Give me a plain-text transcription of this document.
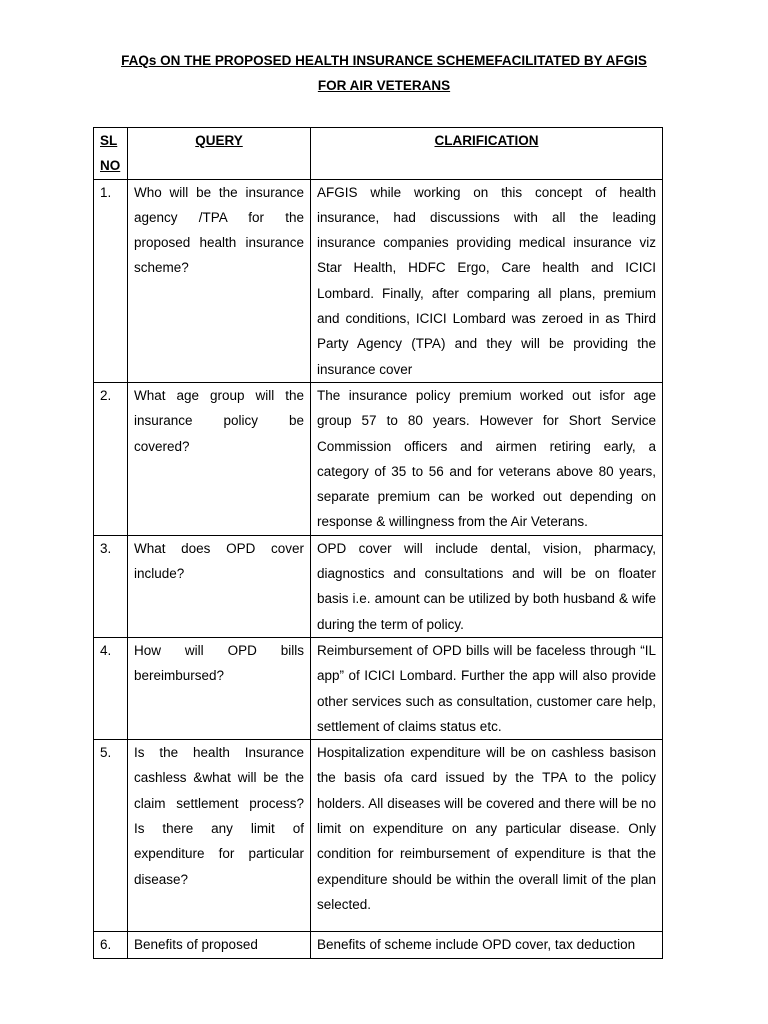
FAQs ON THE PROPOSED HEALTH INSURANCE SCHEMEFACILITATED BY AFGIS
FOR AIR VETERANS
SL NO	QUERY	CLARIFICATION
1.	Who will be the insurance agency /TPA for the proposed health insurance scheme?	AFGIS while working on this concept of health insurance, had discussions with all the leading insurance companies providing medical insurance viz Star Health, HDFC Ergo, Care health and ICICI Lombard. Finally, after comparing all plans, premium and conditions, ICICI Lombard was zeroed in as Third Party Agency (TPA) and they will be providing the insurance cover
2.	What age group will the insurance policy be covered?	The insurance policy premium worked out isfor age group 57 to 80 years. However for Short Service Commission officers and airmen retiring early, a category of 35 to 56 and for veterans above 80 years, separate premium can be worked out depending on response & willingness from the Air Veterans.
3.	What does OPD cover include?	OPD cover will include dental, vision, pharmacy, diagnostics and consultations and will be on floater basis i.e. amount can be utilized by both husband & wife during the term of policy.
4.	How will OPD bills bereimbursed?	Reimbursement of OPD bills will be faceless through “IL app” of ICICI Lombard. Further the app will also provide other services such as consultation, customer care help, settlement of claims status etc.
5.	Is the health Insurance cashless &what will be the claim settlement process? Is there any limit of expenditure for particular disease?	Hospitalization expenditure will be on cashless basison the basis ofa card issued by the TPA to the policy holders. All diseases will be covered and there will be no limit on expenditure on any particular disease. Only condition for reimbursement of expenditure is that the expenditure should be within the overall limit of the plan selected.
6.	Benefits of proposed	Benefits of scheme include OPD cover, tax deduction
